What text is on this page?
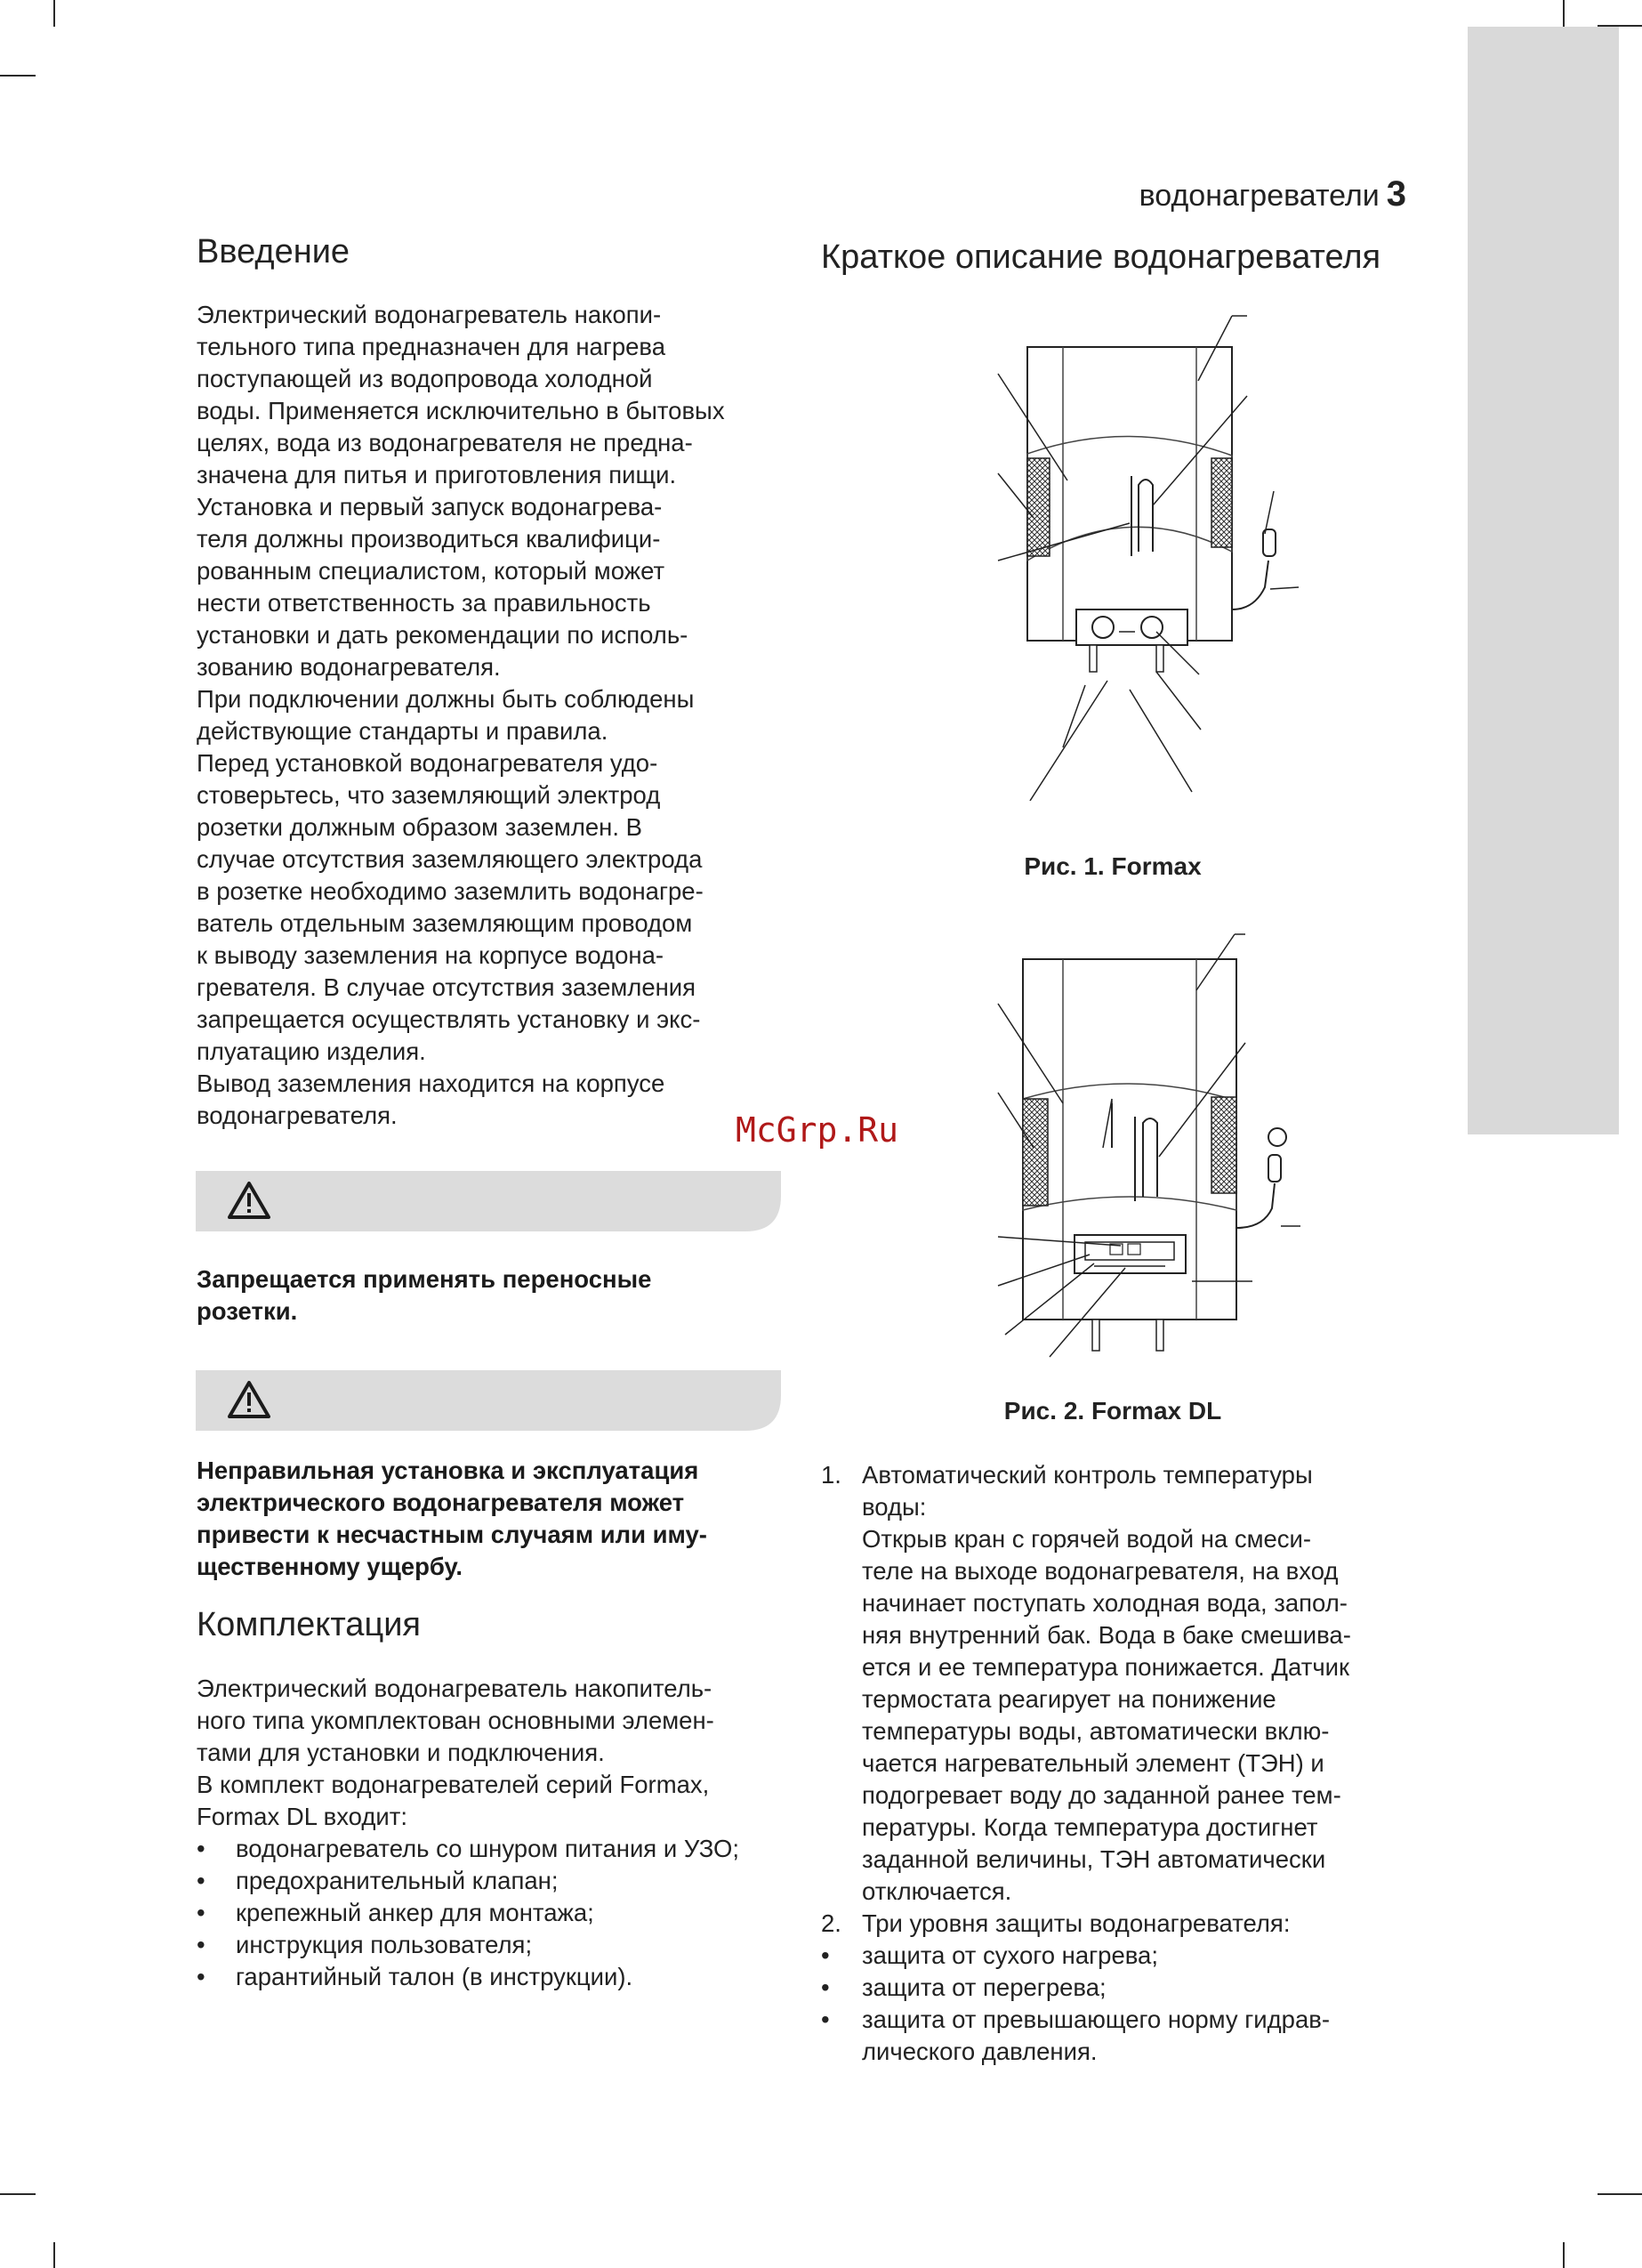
водонагреватели 3
Введение

Электрический водонагреватель накопи-

тельного типа предназначен для нагрева

поступающей из водопровода холодной

воды. Применяется исключительно в бытовых

целях, вода из водонагревателя не предна-

значена для питья и приготовления пищи.

Установка и первый запуск водонагрева-

теля должны производиться квалифици-

рованным специалистом, который может

нести ответственность за правильность

установки и дать рекомендации по исполь-

зованию водонагревателя.

При подключении должны быть соблюдены

действующие стандарты и правила.

Перед установкой водонагревателя удо-

стоверьтесь, что заземляющий электрод

розетки должным образом заземлен. В

случае отсутствия заземляющего электрода

в розетке необходимо заземлить водонагре-

ватель отдельным заземляющим проводом

к выводу заземления на корпусе водона-

гревателя. В случае отсутствия заземления

запрещается осуществлять установку и экс-

плуатацию изделия.

Вывод заземления находится на корпусе

водонагревателя.	McGrp.Ru
Запрещается применять переносные
розетки.
Неправильная установка и эксплуатация
электрического водонагревателя может
привести к несчастным случаям или иму-
щественному ущербу.
Комплектация

Электрический водонагреватель накопитель-

ного типа укомплектован основными элемен-

тами для установки и подключения.

В комплект водонагревателей серий Formax,

Formax DL входит:

• водонагреватель со шнуром питания и УЗО;
• предохранительный клапан;
• крепежный анкер для монтажа;
• инструкция пользователя;
• гарантийный талон (в инструкции).
Краткое описание водонагревателя
Рис. 1. Formax
Рис. 2. Formax DL
1. Автоматический контроль температуры
воды:
Открыв кран с горячей водой на смеси-
теле на выходе водонагревателя, на вход
начинает поступать холодная вода, запол-
няя внутренний бак. Вода в баке смешива-
ется и ее температура понижается. Датчик
термостата реагирует на понижение
температуры воды, автоматически вклю-
чается нагревательный элемент (ТЭН) и
подогревает воду до заданной ранее тем-
пературы. Когда температура достигнет
заданной величины, ТЭН автоматически
отключается.
2. Три уровня защиты водонагревателя:
• защита от сухого нагрева;
• защита от перегрева;
• защита от превышающего норму гидрав-лического давления.
